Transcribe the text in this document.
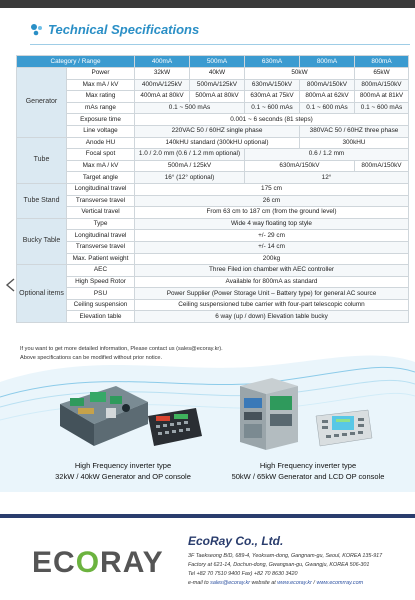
Technical Specifications
Category / Range		400mA	500mA	630mA	800mA	800mA
Generator	Power	32kW	40kW	50kW		65kW
	Max mA / kV	400mA/125kV	500mA/125kV	630mA/150kV	800mA/150kV	800mA/150kV
	Max rating	400mA at 80kV	500mA at 80kV	630mA at 75kV	800mA at 62kV	800mA at 81kV
	mAs range	0.1 ~ 500 mAs		0.1 ~ 600 mAs	0.1 ~ 600 mAs	0.1 ~ 600 mAs
	Exposure time	0.001 ~ 6 seconds (81 steps)				
	Line voltage	220VAC 50 / 60HZ single phase			380VAC 50 / 60HZ three phase	
Tube	Anode HU	140kHU standard (300kHU optional)			300kHU	
	Focal spot	1.0 / 2.0 mm (0.6 / 1.2 mm optional)		0.6 / 1.2 mm		
	Max mA / kV	500mA / 125kV		630mA/150kV		800mA/150kV
	Target angle	16° (12° optional)		12°		
Tube Stand	Longitudinal travel	175 cm				
	Transverse travel	26 cm				
	Vertical travel	From 63 cm to 187 cm (from the ground level)				
Bucky Table	Type	Wide 4 way floating top style				
	Longitudinal travel	+/- 29 cm				
	Transverse travel	+/- 14 cm				
	Max. Patient weight	200kg				
Optional items	AEC	Three Filed ion chamber with AEC controller				
	High Speed Rotor	Available for 800mA as standard				
	PSU	Power Supplier (Power Storage Unit – Battery type) for general AC source				
	Ceiling suspension	Ceiling suspensioned tube carrier with four-part telescopic column				
	Elevation table	6 way (up / down) Elevation table bucky				
If you want to get more detailed information, Please contact us (sales@ecoray.kr).
Above specifications can be modified without prior notice.
High Frequency inverter type
32kW / 40kW Generator and OP console
High Frequency inverter type
50kW / 65kW Generator and LCD OP console
ECORAY
EcoRay Co., Ltd.
3F Taekseong B/D, 689-4, Yeoksam-dong, Gangnam-gu, Seoul, KOREA 135-917
Factory at 621-14, Dochun-dong, Gwangsan-gu, Gwangju, KOREA 506-301
Tel +82 70 7510 9400 Fax) +82 70 8630 3420
e-mail to sales@ecoray.kr website at www.ecoray.kr / www.ecomrray.com
